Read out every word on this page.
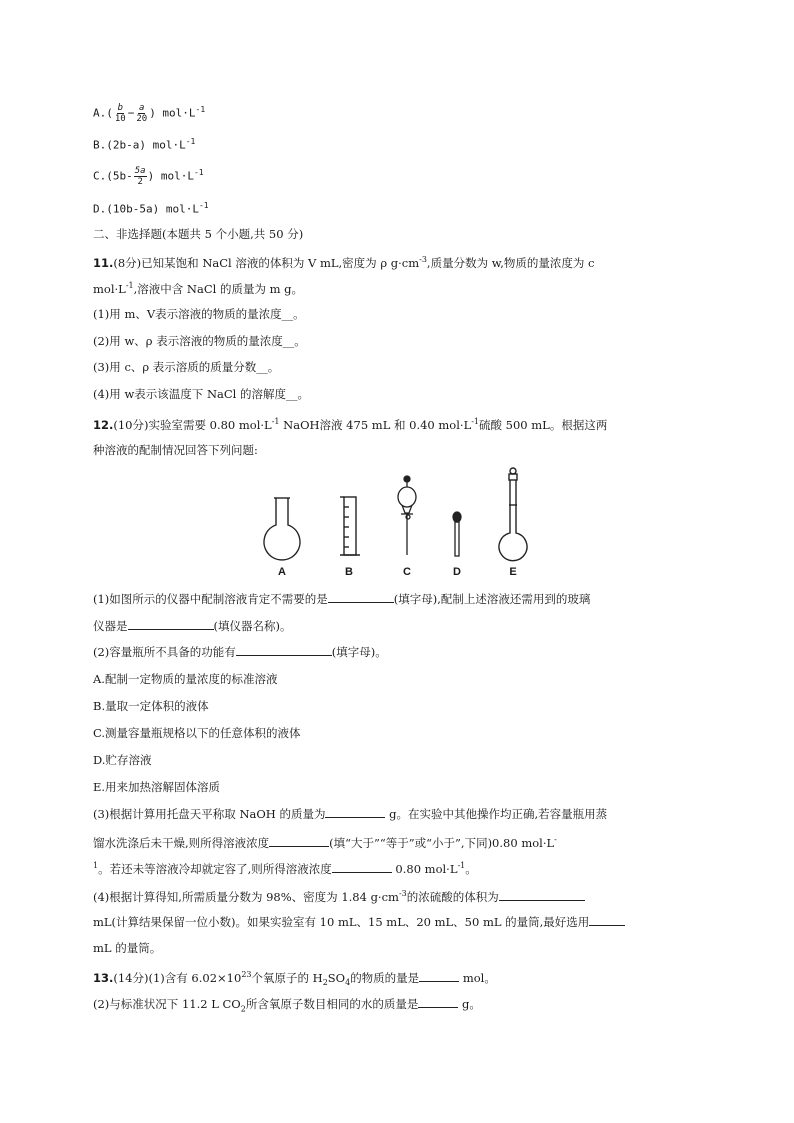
$A.( \frac{b}{10} - \frac{a}{20}$ ) $mol\cdot L^{-1}$
B.(2b-a) $mol\cdot L^{-1}$
$C.(5b- \frac{5a}{2}$ ) $mol\cdot L^{-1}$
D.(10b-5a) $mol\cdot L^{-1}$
二、非选择题(本题共 5 个小题,共 50 分)
11.(8分)已知某饱和 NaCl 溶液的体积为 V mL,密度为 ρ $g\cdot cm^{-3}$,质量分数为 w,物质的量浓度为 c
$mol\cdot L^{-1}$,溶液中含 NaCl 的质量为 m g。
(1)用 m、V表示溶液的物质的量浓度__。
(2)用 w、ρ 表示溶液的物质的量浓度__。
(3)用 c、ρ 表示溶质的质量分数__。
(4)用 w表示该温度下 NaCl 的溶解度__。
12.(10分)实验室需要 0.80 $mol\cdot L^{-1}$ NaOH溶液 475 mL 和 0.40 $mol\cdot L^{-1}$硫酸 500 mL。根据这两
种溶液的配制情况回答下列问题:
A	B	C	D	E
(1)如图所示的仪器中配制溶液肯定不需要的是	(填字母),配制上述溶液还需用到的玻璃
仪器是	(填仪器名称)。
(2)容量瓶所不具备的功能有	(填字母)。
A.配制一定物质的量浓度的标准溶液
B.量取一定体积的液体
C.测量容量瓶规格以下的任意体积的液体
D.贮存溶液
E.用来加热溶解固体溶质
(3)根据计算用托盘天平称取 NaOH 的质量为	g。在实验中其他操作均正确,若容量瓶用蒸
馏水洗涤后未干燥,则所得溶液浓度	(填“大于”“等于”或“小于”,下同)0.80 mol·L-
$^1$。若还未等溶液冷却就定容了,则所得溶液浓度	0.80 $mol\cdot L^{-1}$。
(4)根据计算得知,所需质量分数为 98%、密度为 1.84 $g\cdot cm^{-3}$的浓硫酸的体积为
mL(计算结果保留一位小数)。如果实验室有 10 mL、15 mL、20 mL、50 mL 的量筒,最好选用
mL 的量筒。
13.(14分)(1)含有 $6.02\times 10^{23}$个氧原子的 $H_2SO_4$的物质的量是	mol。
(2)与标准状况下 11.2 L $CO_2$所含氧原子数目相同的水的质量是	g。
